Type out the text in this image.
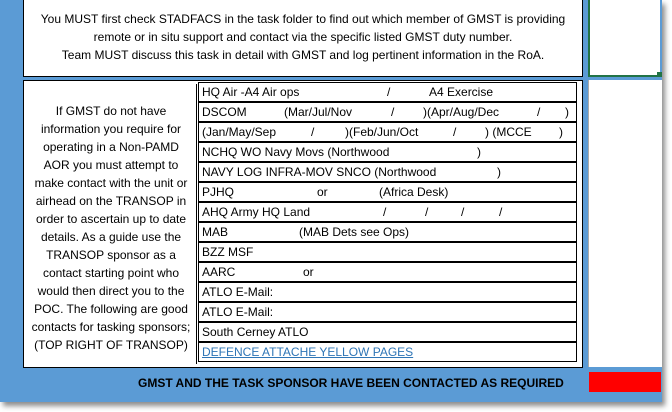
You MUST first check STADFACS in the task folder to find out which member of GMST is providing
remote or in situ support and contact via the specific listed GMST duty number.
Team MUST discuss this task in detail with GMST and log pertinent information in the RoA.
If GMST do not have
information you require for
operating in a Non-PAMD
AOR you must attempt to
make contact with the unit or
airhead on the TRANSOP in
order to ascertain up to date
details. As a guide use the
TRANSOP sponsor as a
contact starting point who
would then direct you to the
POC. The following are good
contacts for tasking sponsors;
(TOP RIGHT OF TRANSOP)
HQ Air -A4 Air ops	/	A4 Exercise
DSCOM	(Mar/Jul/Nov	/ )(Apr/Aug/Dec	/ )
(Jan/May/Sep	/	)(Feb/Jun/Oct	/ ) (MCCE )
NCHQ WO Navy Movs (Northwood	)
NAVY LOG INFRA-MOV SNCO (Northwood	)
PJHQ	or	(Africa Desk)
AHQ Army HQ Land	/	/	/	/
MAB	(MAB Dets see Ops)
BZZ MSF
AARC	or
ATLO E-Mail:
ATLO E-Mail:
South Cerney ATLO
DEFENCE ATTACHE YELLOW PAGES
GMST AND THE TASK SPONSOR HAVE BEEN CONTACTED AS REQUIRED
